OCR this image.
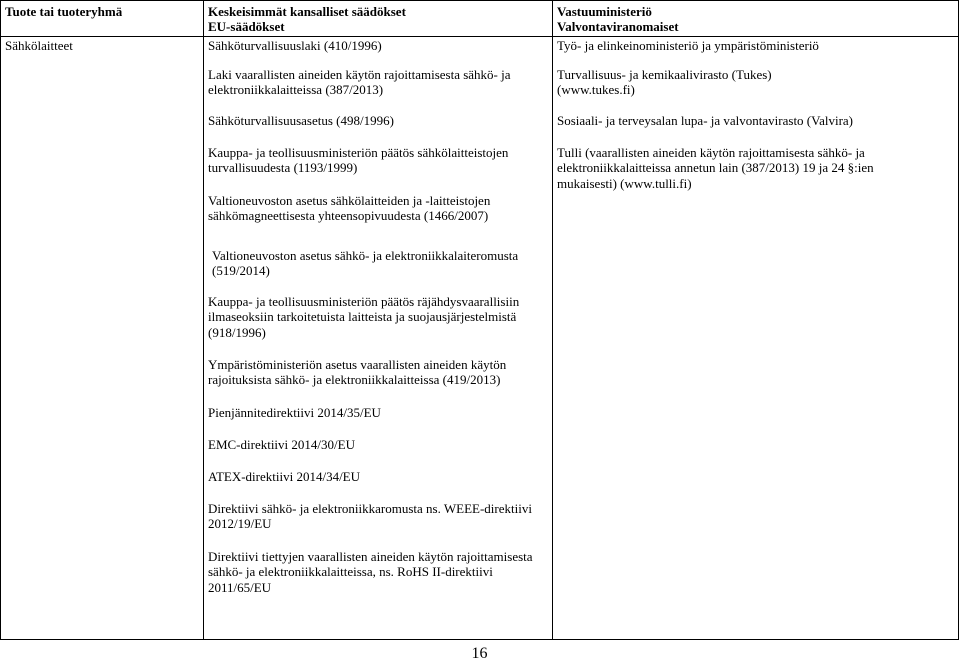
Tuote tai tuoteryhmä	Keskeisimmät kansalliset säädökset
EU-säädökset
Vastuuministeriö
Valvontaviranomaiset
Sähkölaitteet	Sähköturvallisuuslaki (410/1996)
Laki vaarallisten aineiden käytön rajoittamisesta sähkö- ja elektroniikkalaitteissa (387/2013)
Sähköturvallisuusasetus (498/1996)
Kauppa- ja teollisuusministeriön päätös sähkölaitteistojen turvallisuudesta (1193/1999)
Valtioneuvoston asetus sähkölaitteiden ja -laitteistojen sähkömagneettisesta yhteensopivuudesta (1466/2007)
Valtioneuvoston asetus sähkö- ja elektroniikkalaiteromusta (519/2014)
Kauppa- ja teollisuusministeriön päätös räjähdysvaarallisiin ilmaseoksiin tarkoitetuista laitteista ja suojausjärjestelmistä (918/1996)
Ympäristöministeriön asetus vaarallisten aineiden käytön rajoituksista sähkö- ja elektroniikkalaitteissa (419/2013)
Pienjännitedirektiivi 2014/35/EU
EMC-direktiivi 2014/30/EU
ATEX-direktiivi 2014/34/EU
Direktiivi sähkö- ja elektroniikkaromusta ns. WEEE-direktiivi 2012/19/EU
Direktiivi tiettyjen vaarallisten aineiden käytön rajoittamisesta sähkö- ja elektroniikkalaitteissa, ns. RoHS II-direktiivi 2011/65/EU
Työ- ja elinkeinoministeriö ja ympäristöministeriö
Turvallisuus- ja kemikaalivirasto (Tukes) (www.tukes.fi)
Sosiaali- ja terveysalan lupa- ja valvontavirasto (Valvira)
Tulli (vaarallisten aineiden käytön rajoittamisesta sähkö- ja elektroniikkalaitteissa annetun lain (387/2013) 19 ja 24 §:ien mukaisesti) (www.tulli.fi)
16
